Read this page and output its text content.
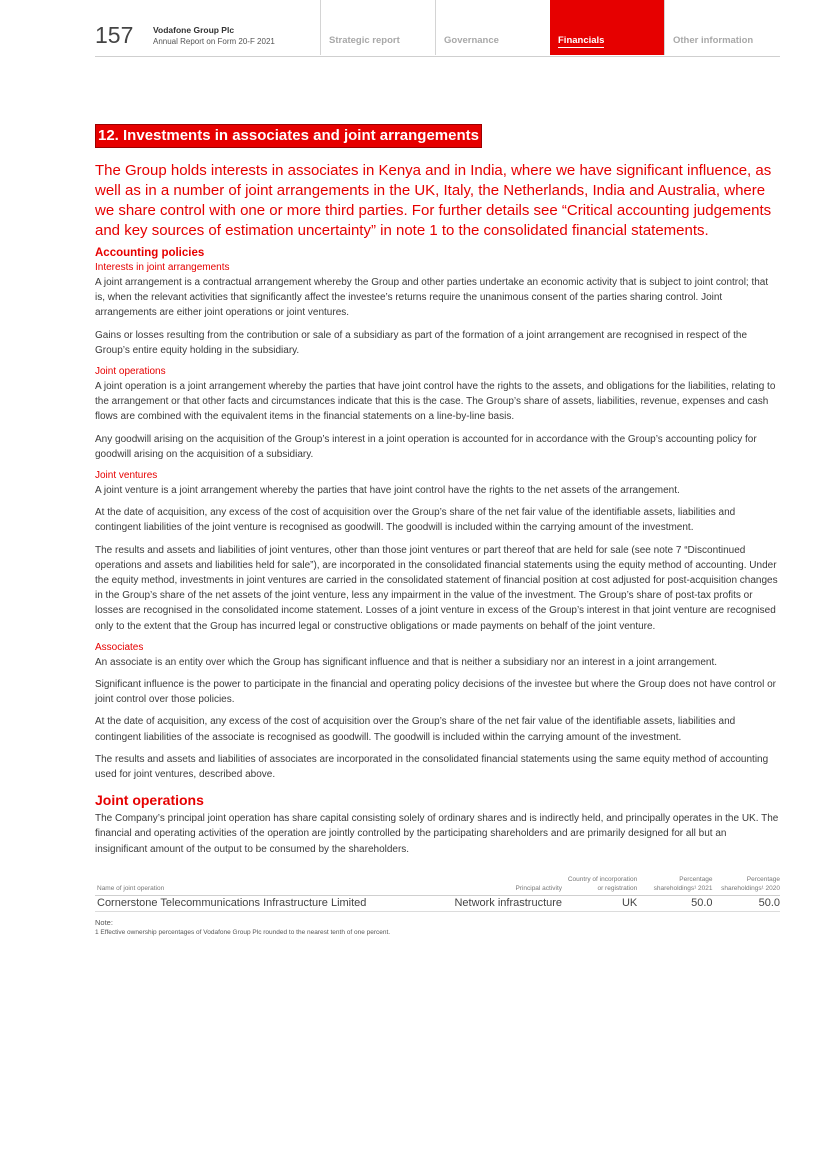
157 Vodafone Group Plc
Annual Report on Form 20-F 2021	Strategic report	Governance	Financials	Other information
12. Investments in associates and joint arrangements
The Group holds interests in associates in Kenya and in India, where we have significant influence, as well as in a number of joint arrangements in the UK, Italy, the Netherlands, India and Australia, where we share control with one or more third parties. For further details see “Critical accounting judgements and key sources of estimation uncertainty” in note 1 to the consolidated financial statements.
Accounting policies
Interests in joint arrangements

A joint arrangement is a contractual arrangement whereby the Group and other parties undertake an economic activity that is subject to joint control; that is, when the relevant activities that significantly affect the investee’s returns require the unanimous consent of the parties sharing control. Joint arrangements are either joint operations or joint ventures.

Gains or losses resulting from the contribution or sale of a subsidiary as part of the formation of a joint arrangement are recognised in respect of the Group’s entire equity holding in the subsidiary.

Joint operations

A joint operation is a joint arrangement whereby the parties that have joint control have the rights to the assets, and obligations for the liabilities, relating to the arrangement or that other facts and circumstances indicate that this is the case. The Group’s share of assets, liabilities, revenue, expenses and cash flows are combined with the equivalent items in the financial statements on a line-by-line basis.

Any goodwill arising on the acquisition of the Group’s interest in a joint operation is accounted for in accordance with the Group’s accounting policy for goodwill arising on the acquisition of a subsidiary.

Joint ventures

A joint venture is a joint arrangement whereby the parties that have joint control have the rights to the net assets of the arrangement.

At the date of acquisition, any excess of the cost of acquisition over the Group’s share of the net fair value of the identifiable assets, liabilities and contingent liabilities of the joint venture is recognised as goodwill. The goodwill is included within the carrying amount of the investment.

The results and assets and liabilities of joint ventures, other than those joint ventures or part thereof that are held for sale (see note 7 “Discontinued operations and assets and liabilities held for sale”), are incorporated in the consolidated financial statements using the equity method of accounting. Under the equity method, investments in joint ventures are carried in the consolidated statement of financial position at cost adjusted for post-acquisition changes in the Group’s share of the net assets of the joint venture, less any impairment in the value of the investment. The Group’s share of post-tax profits or losses are recognised in the consolidated income statement. Losses of a joint venture in excess of the Group’s interest in that joint venture are recognised only to the extent that the Group has incurred legal or constructive obligations or made payments on behalf of the joint venture.

Associates

An associate is an entity over which the Group has significant influence and that is neither a subsidiary nor an interest in a joint arrangement.

Significant influence is the power to participate in the financial and operating policy decisions of the investee but where the Group does not have control or joint control over those policies.

At the date of acquisition, any excess of the cost of acquisition over the Group’s share of the net fair value of the identifiable assets, liabilities and contingent liabilities of the associate is recognised as goodwill. The goodwill is included within the carrying amount of the investment.

The results and assets and liabilities of associates are incorporated in the consolidated financial statements using the same equity method of accounting used for joint ventures, described above.

Joint operations

The Company’s principal joint operation has share capital consisting solely of ordinary shares and is indirectly held, and principally operates in the UK. The financial and operating activities of the operation are jointly controlled by the participating shareholders and are primarily designed for all but an insignificant amount of the output to be consumed by the shareholders.

Name of joint operation	Principal activity	Country of incorporation or registration	Percentage shareholdings¹ 2021	Percentage shareholdings¹ 2020
Cornerstone Telecommunications Infrastructure Limited	Network infrastructure	UK	50.0	50.0
Note:
1 Effective ownership percentages of Vodafone Group Plc rounded to the nearest tenth of one percent.
